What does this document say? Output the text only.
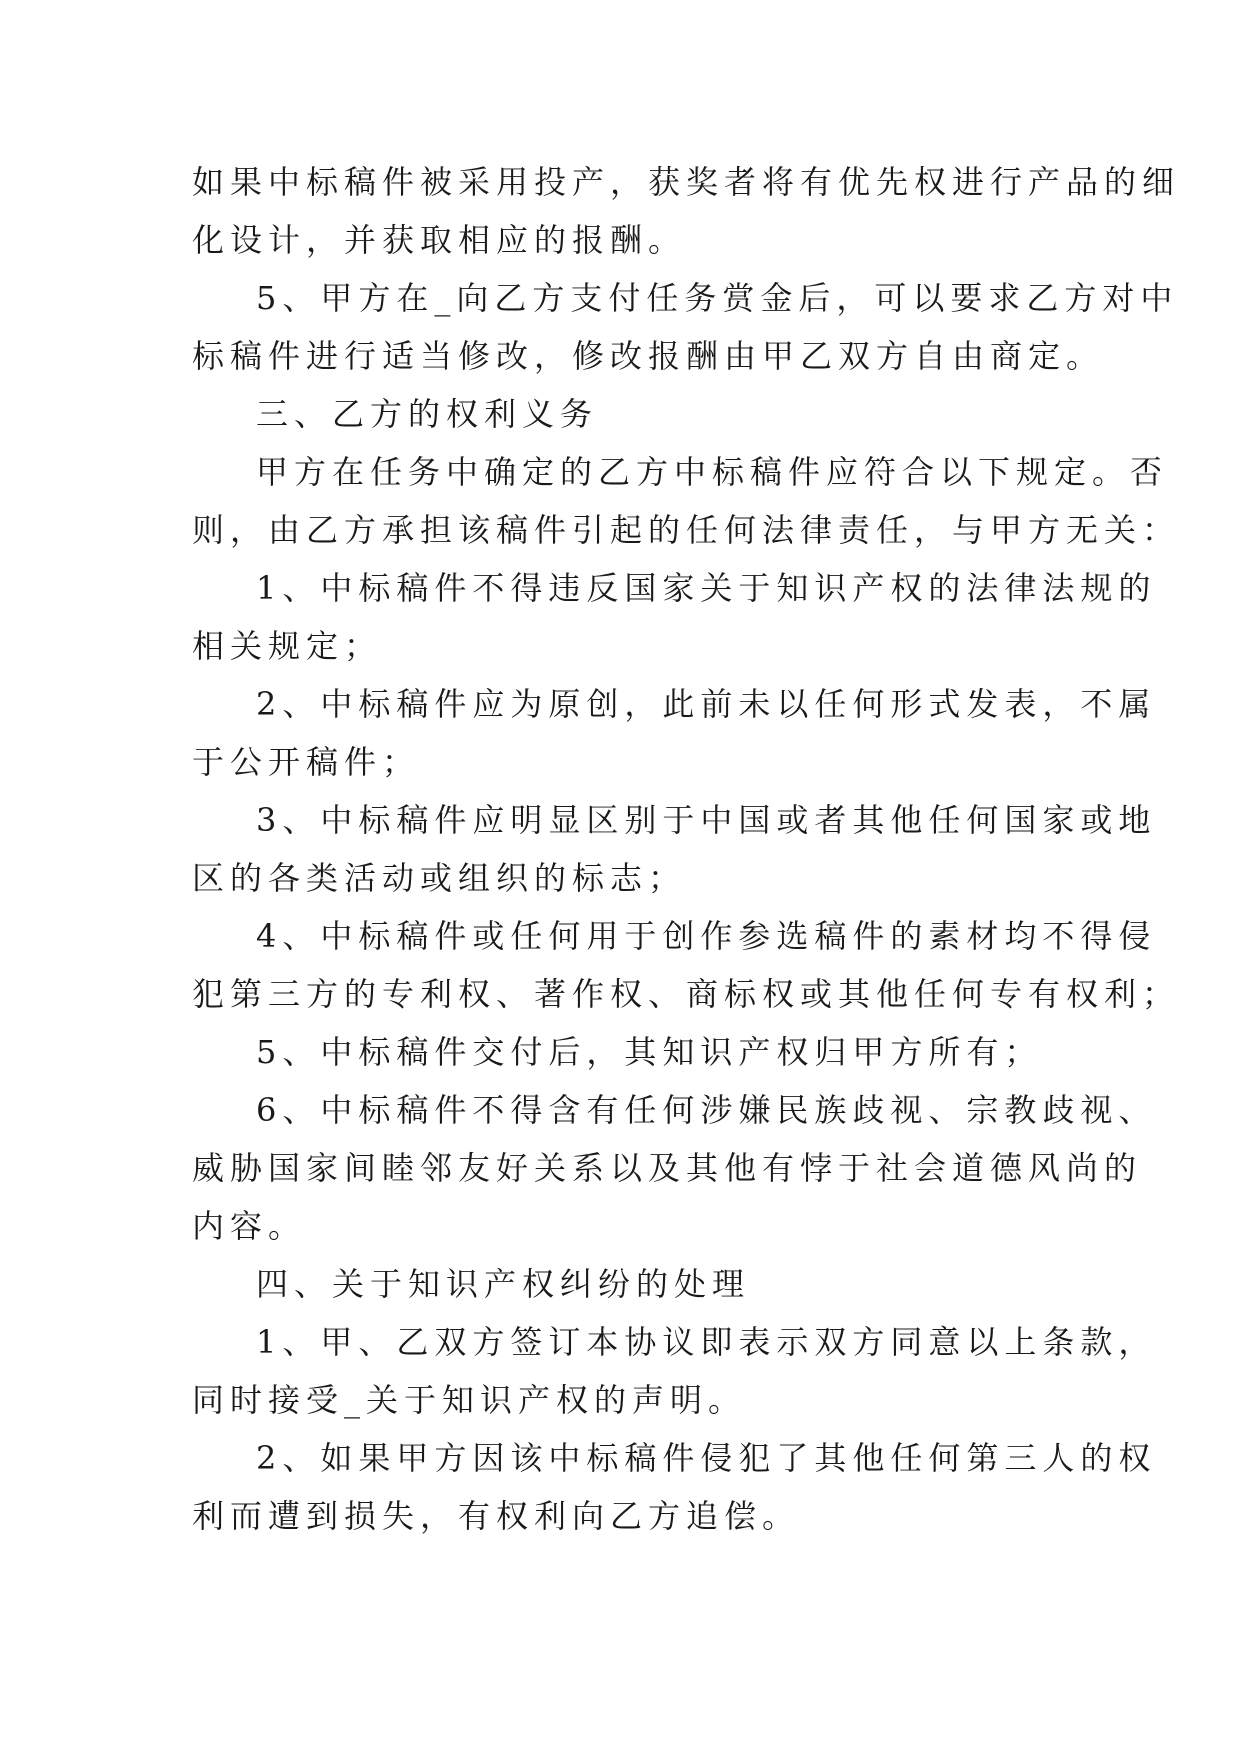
如果中标稿件被采用投产，获奖者将有优先权进行产品的细

化设计，并获取相应的报酬。

5、甲方在_向乙方支付任务赏金后，可以要求乙方对中

标稿件进行适当修改，修改报酬由甲乙双方自由商定。

三、乙方的权利义务

甲方在任务中确定的乙方中标稿件应符合以下规定。否

则，由乙方承担该稿件引起的任何法律责任，与甲方无关：

1、中标稿件不得违反国家关于知识产权的法律法规的

相关规定；

2、中标稿件应为原创，此前未以任何形式发表，不属

于公开稿件；

3、中标稿件应明显区别于中国或者其他任何国家或地

区的各类活动或组织的标志；

4、中标稿件或任何用于创作参选稿件的素材均不得侵

犯第三方的专利权、著作权、商标权或其他任何专有权利；

5、中标稿件交付后，其知识产权归甲方所有；

6、中标稿件不得含有任何涉嫌民族歧视、宗教歧视、

威胁国家间睦邻友好关系以及其他有悖于社会道德风尚的

内容。

四、关于知识产权纠纷的处理

1、甲、乙双方签订本协议即表示双方同意以上条款，

同时接受_关于知识产权的声明。

2、如果甲方因该中标稿件侵犯了其他任何第三人的权

利而遭到损失，有权利向乙方追偿。
